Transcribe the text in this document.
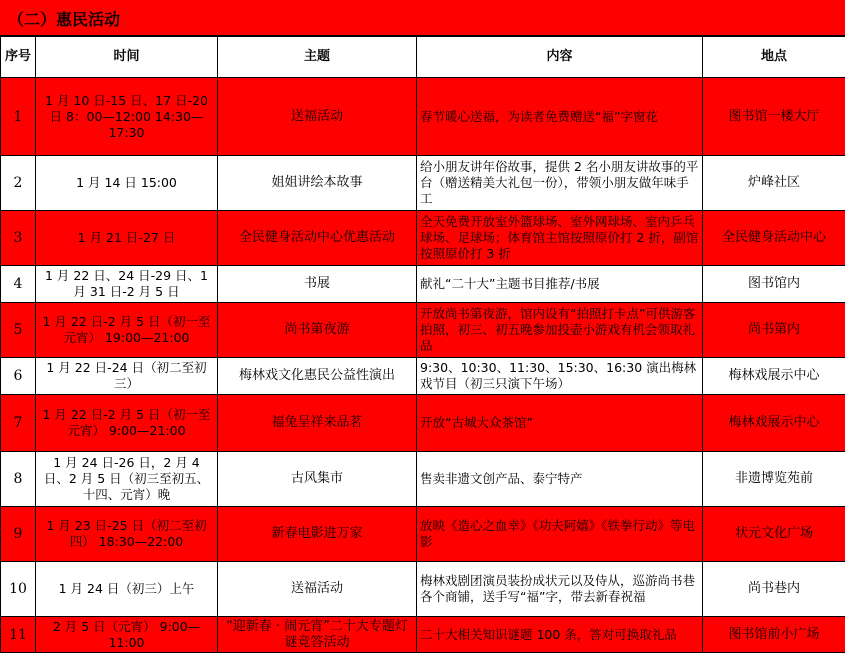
（二）惠民活动
序号	时间	主题	内容	地点
1	1 月 10 日-15 日、17 日-20 日 8：00—12:00 14:30—17:30	送福活动	春节暖心送福，为读者免费赠送“福”字窗花	图书馆一楼大厅
2	1 月 14 日 15:00	姐姐讲绘本故事	给小朋友讲年俗故事，提供 2 名小朋友讲故事的平台（赠送精美大礼包一份），带领小朋友做年味手工	炉峰社区
3	1 月 21 日-27 日	全民健身活动中心优惠活动	全天免费开放室外篮球场、室外网球场、室内乒乓球场、足球场；体育馆主馆按照原价打 2 折，副馆按照原价打 3 折	全民健身活动中心
4	1 月 22 日、24 日-29 日、1 月 31 日-2 月 5 日	书展	献礼“二十大”主题书目推荐/书展	图书馆内
5	1 月 22 日-2 月 5 日（初一至元宵） 19:00—21:00	尚书第夜游	开放尚书第夜游，馆内设有“拍照打卡点”可供游客拍照，初三、初五晚参加投壶小游戏有机会领取礼品	尚书第内
6	1 月 22 日-24 日（初二至初三）	梅林戏文化惠民公益性演出	9:30、10:30、11:30、15:30、16:30 演出梅林戏节目（初三只演下午场）	梅林戏展示中心
7	1 月 22 日-2 月 5 日（初一至元宵） 9:00—21:00	福兔呈祥来品茗	开放“古城大众茶馆”	梅林戏展示中心
8	1 月 24 日-26 日，2 月 4 日、2 月 5 日（初三至初五、十四、元宵）晚	古风集市	售卖非遗文创产品、泰宁特产	非遗博览苑前
9	1 月 23 日-25 日（初二至初四） 18:30—22:00	新春电影进万家	放映《造心之血幸》《功夫阿嬉》《铁拳行动》等电影	状元文化广场
10	1 月 24 日（初三）上午	送福活动	梅林戏剧团演员装扮成状元以及侍从，巡游尚书巷各个商铺，送手写“福”字，带去新春祝福	尚书巷内
11	2 月 5 日（元宵） 9:00—11:00	“迎新春 · 闹元宵”二十大专题灯谜竞答活动	二十大相关知识谜题 100 条，答对可换取礼品	图书馆前小广场
